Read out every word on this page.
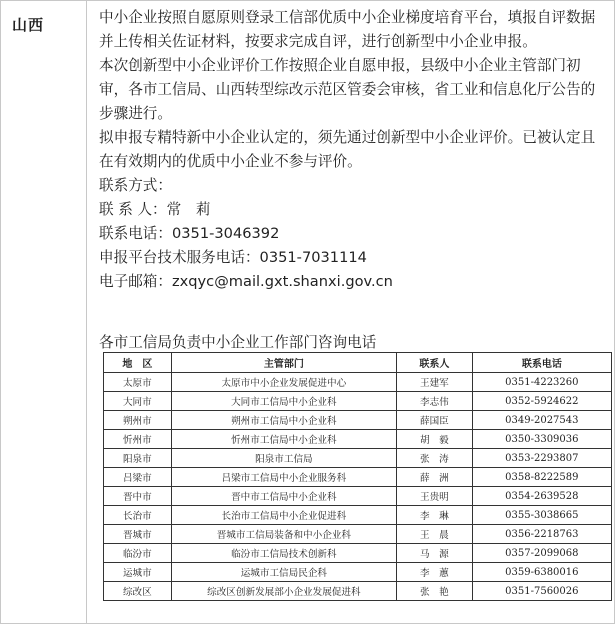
山西	中小企业按照自愿原则登录工信部优质中小企业梯度培育平台，填报自评数据并上传相关佐证材料，按要求完成自评，进行创新型中小企业申报。

本次创新型中小企业评价工作按照企业自愿申报，县级中小企业主管部门初审，各市工信局、山西转型综改示范区管委会审核，省工业和信息化厅公告的步骤进行。

拟申报专精特新中小企业认定的，须先通过创新型中小企业评价。已被认定且在有效期内的优质中小企业不参与评价。

联系方式：

联 系 人：常　莉

联系电话：0351-3046392

申报平台技术服务电话：0351-7031114

电子邮箱：zxqyc@mail.gxt.shanxi.gov.cn

各市工信局负责中小企业工作部门咨询电话
地　区	主管部门	联系人	联系电话
太原市	太原市中小企业发展促进中心	王建军	0351-4223260
大同市	大同市工信局中小企业科	李志伟	0352-5924622
朔州市	朔州市工信局中小企业科	薛国臣	0349-2027543
忻州市	忻州市工信局中小企业科	胡　毅	0350-3309036
阳泉市	阳泉市工信局	张　涛	0353-2293807
吕梁市	吕梁市工信局中小企业服务科	薛　洲	0358-8222589
晋中市	晋中市工信局中小企业科	王贵明	0354-2639528
长治市	长治市工信局中小企业促进科	李　琳	0355-3038665
晋城市	晋城市工信局装备和中小企业科	王　晨	0356-2218763
临汾市	临汾市工信局技术创新科	马　源	0357-2099068
运城市	运城市工信局民企科	李　蕙	0359-6380016
综改区	综改区创新发展部小企业发展促进科	张　艳	0351-7560026
